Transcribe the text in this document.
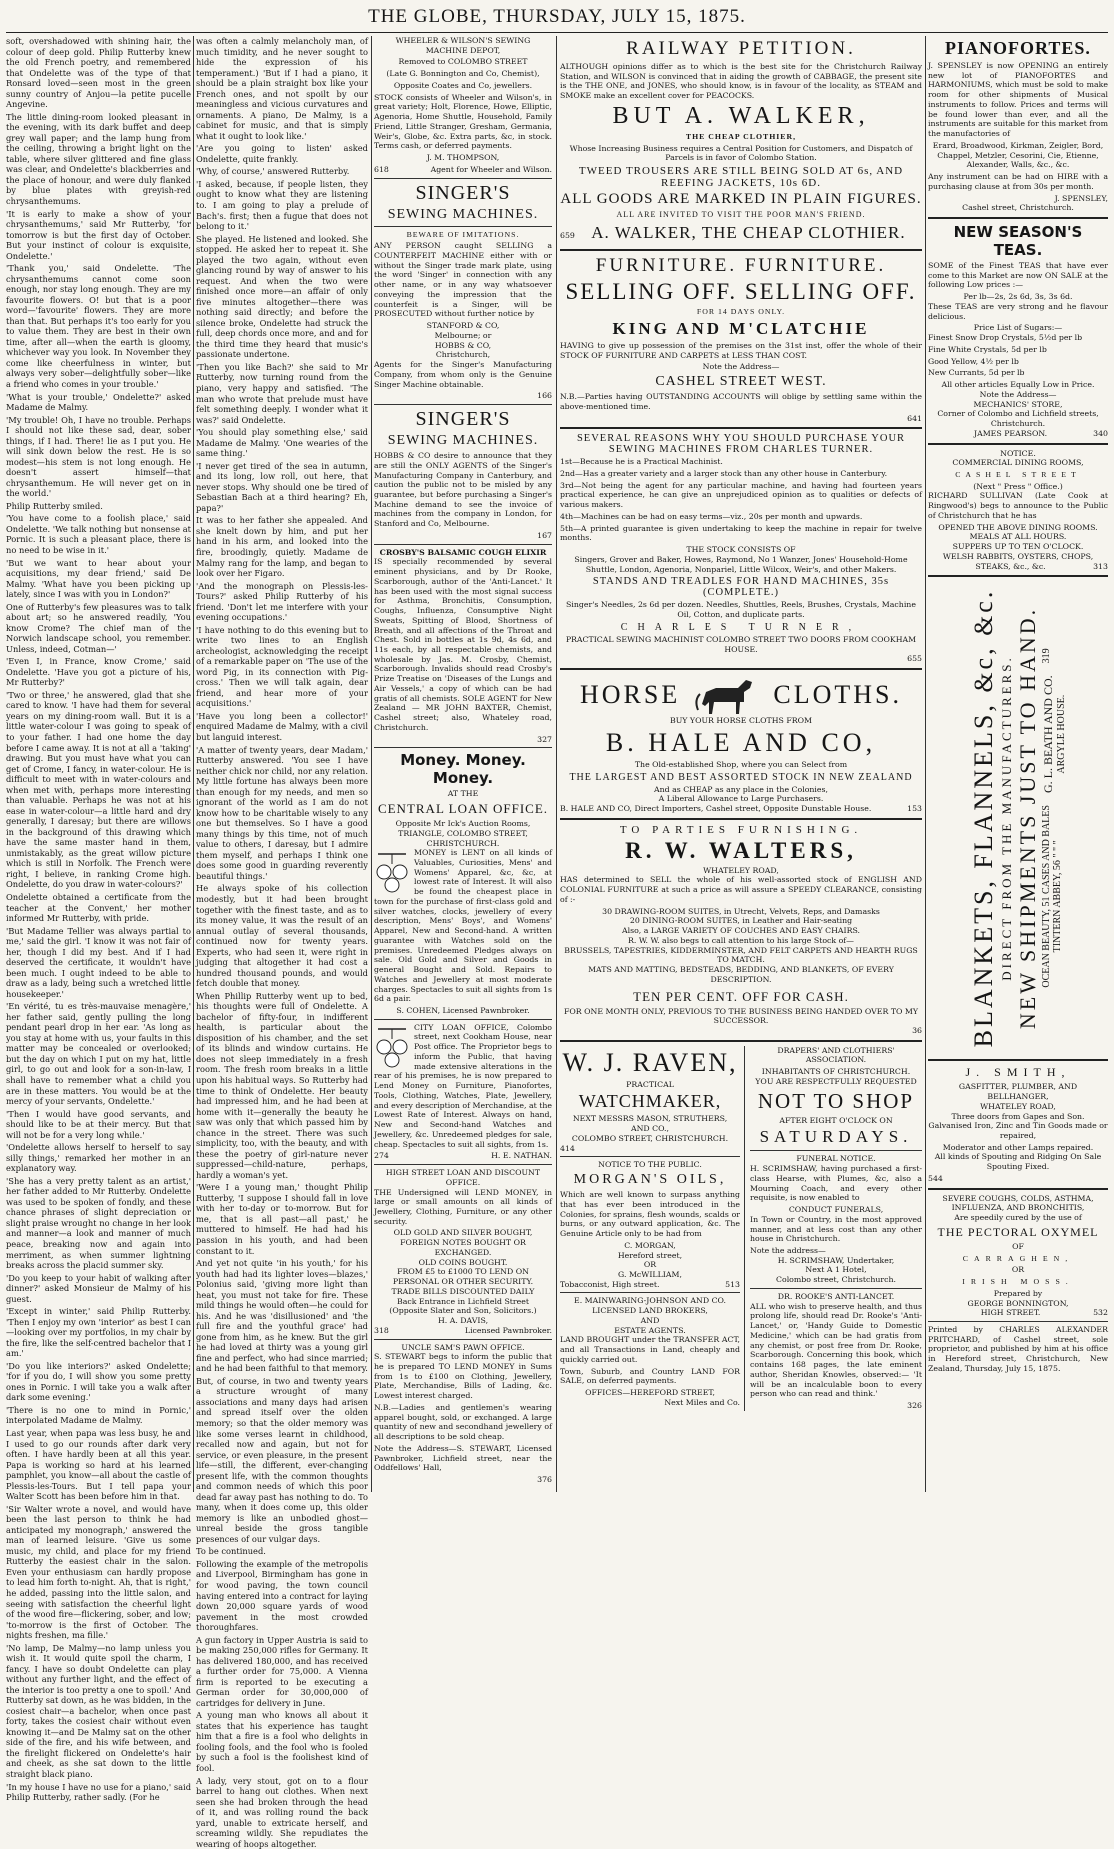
THE GLOBE, THURSDAY, JULY 15, 1875.

soft, overshadowed with shining hair, the colour of deep gold. Philip Rutterby knew the old French poetry, and remembered that Ondelette was of the type of that Ronsard loved—seen most in the green sunny country of Anjou—la petite pucelle Angevine.

The little dining-room looked pleasant in the evening, with its dark buffet and deep grey wall paper; and the lamp hung from the ceiling, throwing a bright light on the table, where silver glittered and fine glass was clear, and Ondelette's blackberries and the place of honour, and were duly flanked by blue plates with greyish-red chrysanthemums.

'It is early to make a show of your chrysanthemums,' said Mr Rutterby, 'for tomorrow is but the first day of October. But your instinct of colour is exquisite, Ondelette.'

'Thank you,' said Ondelette. 'The chrysanthemums cannot come soon enough, nor stay long enough. They are my favourite flowers. O! but that is a poor word—'favourite' flowers. They are more than that. But perhaps it's too early for you to value them. They are best in their own time, after all—when the earth is gloomy, whichever way you look. In November they come like cheerfulness in winter, but always very sober—delightfully sober—like a friend who comes in your trouble.'

'What is your trouble,' Ondelette?' asked Madame de Malmy.

'My trouble! Oh, I have no trouble. Perhaps I should not like these sad, dear, sober things, if I had. There! lie as I put you. He will sink down below the rest. He is so modest—his stem is not long enough. He doesn't assert himself—that chrysanthemum. He will never get on in the world.'

Philip Rutterby smiled.

'You have come to a foolish place,' said Ondelette. 'We talk nothing but nonsense at Pornic. It is such a pleasant place, there is no need to be wise in it.'

'But we want to hear about your acquisitions, my dear friend,' said De Malmy. 'What have you been picking up lately, since I was with you in London?'

One of Rutterby's few pleasures was to talk about art; so he answered readily, 'You know Crome? The chief man of the Norwich landscape school, you remember. Unless, indeed, Cotman—'

'Even I, in France, know Crome,' said Ondelette. 'Have you got a picture of his, Mr Rutterby?'

'Two or three,' he answered, glad that she cared to know. 'I have had them for several years on my dining-room wall. But it is a little water-colour I was going to speak of to your father. I had one home the day before I came away. It is not at all a 'taking' drawing. But you must have what you can get of Crome, I fancy, in water-colour. He is difficult to meet with in water-colours and when met with, perhaps more interesting than valuable. Perhaps he was not at his ease in water-colour—a little hard and dry generally, I daresay; but there are willows in the background of this drawing which have the same master hand in them, unmistakably, as the great willow picture which is still in Norfolk. The French were right, I believe, in ranking Crome high. Ondelette, do you draw in water-colours?'

Ondelette obtained a certificate from the teacher at the Convent,' her mother informed Mr Rutterby, with pride.

'But Madame Tellier was always partial to me,' said the girl. 'I know it was not fair of her, though I did my best. And if I had deserved the certificate, it wouldn't have been much. I ought indeed to be able to draw as a lady, being such a wretched little housekeeper.'

'En vérité, tu es très-mauvaise menagère,' her father said, gently pulling the long pendant pearl drop in her ear. 'As long as you stay at home with us, your faults in this matter may be concealed or overlooked; but the day on which I put on my hat, little girl, to go out and look for a son-in-law, I shall have to remember what a child you are in these matters. You would be at the mercy of your servants, Ondelette.'

'Then I would have good servants, and should like to be at their mercy. But that will not be for a very long while.'

'Ondelette allows herself to herself to say silly things,' remarked her mother in an explanatory way.

'She has a very pretty talent as an artist,' her father added to Mr Rutterby. Ondelette was used to be spoken of fondly, and these chance phrases of slight depreciation or slight praise wrought no change in her look and manner—a look and manner of much peace, breaking now and again into merriment, as when summer lightning breaks across the placid summer sky.

'Do you keep to your habit of walking after dinner?' asked Monsieur de Malmy of his guest.

'Except in winter,' said Philip Rutterby. 'Then I enjoy my own 'interior' as best I can—looking over my portfolios, in my chair by the fire, like the self-centred bachelor that I am.'

'Do you like interiors?' asked Ondelette; 'for if you do, I will show you some pretty ones in Pornic. I will take you a walk after dark some evening.'

'There is no one to mind in Pornic,' interpolated Madame de Malmy.

Last year, when papa was less busy, he and I used to go our rounds after dark very often. I have hardly been at all this year. Papa is working so hard at his learned pamphlet, you know—all about the castle of Plessis-les-Tours. But I tell papa your Walter Scott has been before him in that.

'Sir Walter wrote a novel, and would have been the last person to think he had anticipated my monograph,' answered the man of learned leisure. 'Give us some music, my child, and place for my friend Rutterby the easiest chair in the salon. Even your enthusiasm can hardly propose to lead him forth to-night. Ah, that is right,' he added, passing into the little salon, and seeing with satisfaction the cheerful light of the wood fire—flickering, sober, and low; 'to-morrow is the first of October. The nights freshen, ma fille.'

'No lamp, De Malmy—no lamp unless you wish it. It would quite spoil the charm, I fancy. I have so doubt Ondelette can play without any further light, and the effect of the interior is too pretty a one to spoil.' And Rutterby sat down, as he was bidden, in the cosiest chair—a bachelor, when once past forty, takes the cosiest chair without even knowing it—and De Malmy sat on the other side of the fire, and his wife between, and the firelight flickered on Ondelette's hair and cheek, as she sat down to the little straight black piano.

'In my house I have no use for a piano,' said Philip Rutterby, rather sadly. (For he

was often a calmly melancholy man, of much timidity, and he never sought to hide the expression of his temperament.) 'But if I had a piano, it should be a plain straight box like your French ones, and not spoilt by our meaningless and vicious curvatures and ornaments. A piano, De Malmy, is a cabinet for music, and that is simply what it ought to look like.'

'Are you going to listen' asked Ondelette, quite frankly.

'Why, of course,' answered Rutterby.

'I asked, because, if people listen, they ought to know what they are listening to. I am going to play a prelude of Bach's. first; then a fugue that does not belong to it.'

She played. He listened and looked. She stopped. He asked her to repeat it. She played the two again, without even glancing round by way of answer to his request. And when the two were finished once more—an affair of only five minutes altogether—there was nothing said directly; and before the silence broke, Ondelette had struck the full, deep chords once more, and and for the third time they heard that music's passionate undertone.

'Then you like Bach?' she said to Mr Rutterby, now turning round from the piano, very happy and satisfied. 'The man who wrote that prelude must have felt something deeply. I wonder what it was?' said Ondelette.

'You should play something else,' said Madame de Malmy. 'One wearies of the same thing.'

'I never get tired of the sea in autumn, and its long, low roll, out here, that never stops. Why should one be tired of Sebastian Bach at a third hearing? Eh, papa?'

It was to her father she appealed. And she knelt down by him, and put her hand in his arm, and looked into the fire, broodingly, quietly. Madame de Malmy rang for the lamp, and began to look over her Figaro.

'And the monograph on Plessis-les-Tours?' asked Philip Rutterby of his friend. 'Don't let me interfere with your evening occupations.'

'I have nothing to do this evening but to write two lines to an English archeologist, acknowledging the receipt of a remarkable paper on 'The use of the word Pig, in its connection with Pig-cross.' Then we will talk again, dear friend, and hear more of your acquisitions.'

'Have you long been a collector!' enquired Madame de Malmy, with a civil but languid interest.

'A matter of twenty years, dear Madam,' Rutterby answered. 'You see I have neither chick nor child, nor any relation. My little fortune has always been more than enough for my needs, and men so ignorant of the world as I am do not know how to be charitable wisely to any one but themselves. So I have a good many things by this time, not of much value to others, I daresay, but I admire them myself, and perhaps I think one does some good in guarding reverently beautiful things.'

He always spoke of his collection modestly, but it had been brought together with the finest taste, and as to its money value, it was the result of an annual outlay of several thousands, continued now for twenty years. Experts, who had seen it, were right in judging that altogether it had cost a hundred thousand pounds, and would fetch double that money.

When Phillip Rutterby went up to bed, his thoughts were full of Ondelette. A bachelor of fifty-four, in indifferent health, is particular about the disposition of his chamber, and the set of its blinds and window curtains. He does not sleep immediately in a fresh room. The fresh room breaks in a little upon his habitual ways. So Rutterby had time to think of Ondelette. Her beauty had impressed him, and he had been at home with it—generally the beauty he saw was only that which passed him by chance in the street. There was such simplicity, too, with the beauty, and with these the poetry of girl-nature never suppressed—child-nature, perhaps, hardly a woman's yet.

'Were I a young man,' thought Philip Rutterby, 'I suppose I should fall in love with her to-day or to-morrow. But for me, that is all past—all past,' he muttered to himself. He had had his passion in his youth, and had been constant to it.

And yet not quite 'in his youth,' for his youth had had its lighter loves—blazes,' Polonius said, 'giving more light than heat, you must not take for fire. These mild things he would often—he could for his. And he was 'disillusioned' and 'the full fire and the youthful grace' had gone from him, as he knew. But the girl he had loved at thirty was a young girl fine and perfect, who had since married; and he had been faithful to that memory.

But, of course, in two and twenty years a structure wrought of many associations and many days had arisen and spread itself over the olden memory; so that the older memory was like some verses learnt in childhood, recalled now and again, but not for service, or even pleasure, in the present life—still, the different, ever-changing present life, with the common thoughts and common needs of which this poor dead far away past has nothing to do. To many, when it does come up, this older memory is like an unbodied ghost—unreal beside the gross tangible presences of our vulgar days.

To be continued.

Following the example of the metropolis and Liverpool, Birmingham has gone in for wood paving, the town council having entered into a contract for laying down 20,000 square yards of wood pavement in the most crowded thoroughfares.

A gun factory in Upper Austria is said to be making 250,000 rifles for Germany. It has delivered 180,000, and has received a further order for 75,000. A Vienna firm is reported to be executing a German order for 30,000,000 of cartridges for delivery in June.

A young man who knows all about it states that his experience has taught him that a fire is a fool who delights in fooling fools, and the fool who is fooled by such a fool is the foolishest kind of fool.

A lady, very stout, got on to a flour barrel to hang out clothes. When next seen she had broken through the head of it, and was rolling round the back yard, unable to extricate herself, and screaming wildly. She repudiates the wearing of hoops altogether.

WHEELER & WILSON'S SEWING MACHINE DEPOT,
Removed to COLOMBO STREET
(Late G. Bonnington and Co, Chemist),
Opposite Coates and Co, jewellers.

STOCK consists of Wheeler and Wilson's, in great variety; Holt, Florence, Howe, Elliptic, Agenoria, Home Shuttle, Household, Family Friend, Little Stranger, Gresham, Germania, Weir's, Globe, &c. Extra parts, &c, in stock. Terms cash, or deferred payments.

J. M. THOMPSON,
618	Agent for Wheeler and Wilson.
SINGER'S
SEWING MACHINES.
BEWARE OF IMITATIONS.

ANY PERSON caught SELLING a COUNTERFEIT MACHINE either with or without the Singer trade mark plate, using the word 'Singer' in connection with any other name, or in any way whatsoever conveying the impression that the counterfeit is a Singer, will be PROSECUTED without further notice by

STANFORD & CO,
Melbourne; or
HOBBS & CO,
Christchurch,

Agents for the Singer's Manufacturing Company, from whom only is the Genuine Singer Machine obtainable.

166
SINGER'S
SEWING MACHINES.

HOBBS & CO desire to announce that they are still the ONLY AGENTS of the Singer's Manufacturing Company in Canterbury, and caution the public not to be misled by any guarantee, but before purchasing a Singer's Machine demand to see the invoice of machines from the company in London, for Stanford and Co, Melbourne.

167
CROSBY'S BALSAMIC COUGH ELIXIR

IS specially recommended by several eminent physicians, and by Dr Rooke, Scarborough, author of the 'Anti-Lancet.' It has been used with the most signal success for Asthma, Bronchitis, Consumption, Coughs, Influenza, Consumptive Night Sweats, Spitting of Blood, Shortness of Breath, and all affections of the Throat and Chest. Sold in bottles at 1s 9d, 4s 6d, and 11s each, by all respectable chemists, and wholesale by Jas. M. Crosby, Chemist, Scarborough. Invalids should read Crosby's Prize Treatise on 'Diseases of the Lungs and Air Vessels,' a copy of which can be had gratis of all chemists. SOLE AGENT for New Zealand — MR JOHN BAXTER, Chemist, Cashel street; also, Whateley road, Christchurch.

327
Money. Money. Money.
AT THE
CENTRAL LOAN OFFICE.
Opposite Mr Ick's Auction Rooms, TRIANGLE, COLOMBO STREET, CHRISTCHURCH.

MONEY is LENT on all kinds of Valuables, Curiosities, Mens' and Womens' Apparel, &c, &c, at lowest rate of Interest. It will also be found the cheapest place in town for the purchase of first-class gold and silver watches, clocks, jewellery of every description, Mens' Boys', and Womens' Apparel, New and Second-hand. A written guarantee with Watches sold on the premises. Unredeemed Pledges always on sale. Old Gold and Silver and Goods in general Bought and Sold. Repairs to Watches and Jewellery at most moderate charges. Spectacles to suit all sights from 1s 6d a pair.

S. COHEN, Licensed Pawnbroker.

CITY LOAN OFFICE, Colombo street, next Cookham House, near Post office. The Proprietor begs to inform the Public, that having made extensive alterations in the rear of his premises, he is now prepared to Lend Money on Furniture, Pianofortes, Tools, Clothing, Watches, Plate, Jewellery, and every description of Merchandise, at the Lowest Rate of Interest. Always on hand, New and Second-hand Watches and Jewellery, &c. Unredeemed pledges for sale, cheap. Spectacles to suit all sights, from 1s.

274	H. E. NATHAN.
HIGH STREET LOAN AND DISCOUNT OFFICE.

THE Undersigned will LEND MONEY, in large or small amounts on all kinds of Jewellery, Clothing, Furniture, or any other security.

OLD GOLD AND SILVER BOUGHT,
FOREIGN NOTES BOUGHT OR EXCHANGED.
OLD COINS BOUGHT.
FROM £5 to £1000 TO LEND ON PERSONAL OR OTHER SECURITY.
TRADE BILLS DISCOUNTED DAILY
Back Entrance in Lichfield Street
(Opposite Slater and Son, Solicitors.)
H. A. DAVIS,
318	Licensed Pawnbroker.
UNCLE SAM'S PAWN OFFICE.

S. STEWART begs to inform the public that he is prepared TO LEND MONEY in Sums from 1s to £100 on Clothing, Jewellery, Plate, Merchandise, Bills of Lading, &c. Lowest interest charged.

N.B.—Ladies and gentlemen's wearing apparel bought, sold, or exchanged. A large quantity of new and secondhand jewellery of all descriptions to be sold cheap.

Note the Address—S. STEWART, Licensed Pawnbroker, Lichfield street, near the Oddfellows' Hall,

376
RAILWAY PETITION.

ALTHOUGH opinions differ as to which is the best site for the Christchurch Railway Station, and WILSON is convinced that in aiding the growth of CABBAGE, the present site is the THE ONE, and JONES, who should know, is in favour of the locality, as STEAM and SMOKE make an excellent cover for PEACOCKS.

BUT A. WALKER,
THE CHEAP CLOTHIER,

Whose Increasing Business requires a Central Position for Customers, and Dispatch of Parcels is in favor of Colombo Station.

TWEED TROUSERS ARE STILL BEING SOLD AT 6s, AND REEFING JACKETS, 10s 6D.
ALL GOODS ARE MARKED IN PLAIN FIGURES.
ALL ARE INVITED TO VISIT THE POOR MAN'S FRIEND.
659 A. WALKER, THE CHEAP CLOTHIER.
FURNITURE. FURNITURE.
SELLING OFF. SELLING OFF.
FOR 14 DAYS ONLY.
KING AND M'CLATCHIE

HAVING to give up possession of the premises on the 31st inst, offer the whole of their STOCK OF FURNITURE AND CARPETS at LESS THAN COST.

Note the Address—
CASHEL STREET WEST.

N.B.—Parties having OUTSTANDING ACCOUNTS will oblige by settling same within the above-mentioned time.

641
SEVERAL REASONS WHY YOU SHOULD PURCHASE YOUR SEWING MACHINES FROM CHARLES TURNER.
1st—Because he is a Practical Machinist.
2nd—Has a greater variety and a larger stock than any other house in Canterbury.
3rd—Not being the agent for any particular machine, and having had fourteen years practical experience, he can give an unprejudiced opinion as to qualities or defects of various makers.
4th—Machines can be had on easy terms—viz., 20s per month and upwards.
5th—A printed guarantee is given undertaking to keep the machine in repair for twelve months.
THE STOCK CONSISTS OF

Singers, Grover and Baker, Howes, Raymond, No 1 Wanzer, Jones' Household-Home Shuttle, London, Agenoria, Nonpariel, Little Wilcox, Weir's, and other Makers.

STANDS AND TREADLES FOR HAND MACHINES, 35s (COMPLETE.)

Singer's Needles, 2s 6d per dozen. Needles, Shuttles, Reels, Brushes, Crystals, Machine Oil, Cotton, and duplicate parts.

CHARLES TURNER,
PRACTICAL SEWING MACHINIST COLOMBO STREET TWO DOORS FROM COOKHAM HOUSE.
655
HORSE	CLOTHS.
BUY YOUR HORSE CLOTHS FROM
B. HALE AND CO,
The Old-established Shop, where you can Select from
THE LARGEST AND BEST ASSORTED STOCK IN NEW ZEALAND
And as CHEAP as any place in the Colonies,
A Liberal Allowance to Large Purchasers.
B. HALE AND CO, Direct Importers, Cashel street, Opposite Dunstable House.	153
TO PARTIES FURNISHING.
R. W. WALTERS,
WHATELEY ROAD,

HAS determined to SELL the whole of his well-assorted stock of ENGLISH AND COLONIAL FURNITURE at such a price as will assure a SPEEDY CLEARANCE, consisting of :-

30 DRAWING-ROOM SUITES, in Utrecht, Velvets, Reps, and Damasks
20 DINING-ROOM SUITES, in Leather and Hair-seating
Also, a LARGE VARIETY OF COUCHES AND EASY CHAIRS.
R. W. W. also begs to call attention to his large Stock of—
BRUSSELS, TAPESTRIES, KIDDERMINSTER, AND FELT CARPETS AND HEARTH RUGS TO MATCH.
MATS AND MATTING, BEDSTEADS, BEDDING, AND BLANKETS, OF EVERY DESCRIPTION.
TEN PER CENT. OFF FOR CASH.
FOR ONE MONTH ONLY, PREVIOUS TO THE BUSINESS BEING HANDED OVER TO MY SUCCESSOR.
36
W. J. RAVEN,
PRACTICAL
WATCHMAKER,
NEXT MESSRS MASON, STRUTHERS,
AND CO.,
COLOMBO STREET, CHRISTCHURCH.
414
NOTICE TO THE PUBLIC.
MORGAN'S OILS,

Which are well known to surpass anything that has ever been introduced in the Colonies, for sprains, flesh wounds, scalds or burns, or any outward application, &c. The Genuine Article only to be had from

C. MORGAN,
Hereford street,
OR
G. McWILLIAM,
Tobacconist, High street.	513
E. MAINWARING-JOHNSON AND CO.
LICENSED LAND BROKERS,
AND
ESTATE AGENTS.

LAND BROUGHT under the TRANSFER ACT, and all Transactions in Land, cheaply and quickly carried out.

Town, Suburb, and Country LAND FOR SALE, on deferred payments.

OFFICES—HEREFORD STREET,
Next Miles and Co.
DRAPERS' AND CLOTHIERS' ASSOCIATION.
INHABITANTS OF CHRISTCHURCH.
YOU ARE RESPECTFULLY REQUESTED
NOT TO SHOP
AFTER EIGHT O'CLOCK ON
SATURDAYS.
FUNERAL NOTICE.

H. SCRIMSHAW, having purchased a first-class Hearse, with Plumes, &c, also a Mourning Coach, and every other requisite, is now enabled to

CONDUCT FUNERALS,

In Town or Country, in the most approved manner, and at less cost than any other house in Christchurch.

Note the address—
H. SCRIMSHAW, Undertaker,
Next A 1 Hotel,
Colombo street, Christchurch.
DR. ROOKE'S ANTI-LANCET.

ALL who wish to preserve health, and thus prolong life, should read Dr. Rooke's 'Anti-Lancet,' or, 'Handy Guide to Domestic Medicine,' which can be had gratis from any chemist, or post free from Dr. Rooke, Scarborough. Concerning this book, which contains 168 pages, the late eminent author, Sheridan Knowles, observed:— 'It will be an incalculable boon to every person who can read and think.'

326
PIANOFORTES.

J. SPENSLEY is now OPENING an entirely new lot of PIANOFORTES and HARMONIUMS, which must be sold to make room for other shipments of Musical instruments to follow. Prices and terms will be found lower than ever, and all the instruments are suitable for this market from the manufactories of

Erard, Broadwood, Kirkman, Zeigler, Bord, Chappel, Metzler, Cesorini, Cie, Etienne, Alexander, Walls, &c., &c.

Any instrument can be had on HIRE with a purchasing clause at from 30s per month.

J. SPENSLEY,
Cashel street, Christchurch.
NEW SEASON'S TEAS.

SOME of the Finest TEAS that have ever come to this Market are now ON SALE at the following Low prices :—

Per lb—2s, 2s 6d, 3s, 3s 6d.

These TEAS are very strong and he flavour delicious.

Price List of Sugars:—
Finest Snow Drop Crystals, 5½d per lb
Fine White Crystals, 5d per lb
Good Yellow, 4½ per lb
New Currants, 5d per lb
All other articles Equally Low in Price.
Note the Address—
MECHANICS' STORE,
Corner of Colombo and Lichfield streets, Christchurch.
JAMES PEARSON.	340
NOTICE.
COMMERCIAL DINING ROOMS,
CASHEL STREET
(Next " Press " Office.)

RICHARD SULLIVAN (Late Cook at Ringwood's) begs to announce to the Public of Christchurch that he has

OPENED THE ABOVE DINING ROOMS.
MEALS AT ALL HOURS.
SUPPERS UP TO TEN O'CLOCK.
WELSH RABBITS, OYSTERS, CHOPS,
STEAKS, &c., &c.	313
BLANKETS, FLANNELS, &c, &c. DIRECT FROM THE MANUFACTURERS. NEW SHIPMENTS JUST TO HAND. OCEAN BEAUTY, 51 CASES AND BALES TINTERN ABBEY, 56 " " "
G. L. BEATH AND CO. ARGYLE HOUSE.
319
J. SMITH,
GASFITTER, PLUMBER, AND BELLHANGER,
WHATELEY ROAD,
Three doors from Gapes and Son.

Galvanised Iron, Zinc and Tin Goods made or repaired,

Moderator and other Lamps repaired.

All kinds of Spouting and Ridging On Sale Spouting Fixed.

544
SEVERE COUGHS, COLDS, ASTHMA, INFLUENZA, AND BRONCHITIS,
Are speedily cured by the use of
THE PECTORAL OXYMEL
OF
CARRAGHEN,
OR
IRISH MOSS.
Prepared by
GEORGE BONNINGTON,
HIGH STREET.	532

Printed by CHARLES ALEXANDER PRITCHARD, of Cashel street, sole proprietor, and published by him at his office in Hereford street, Christchurch, New Zealand, Thursday, July 15, 1875.
